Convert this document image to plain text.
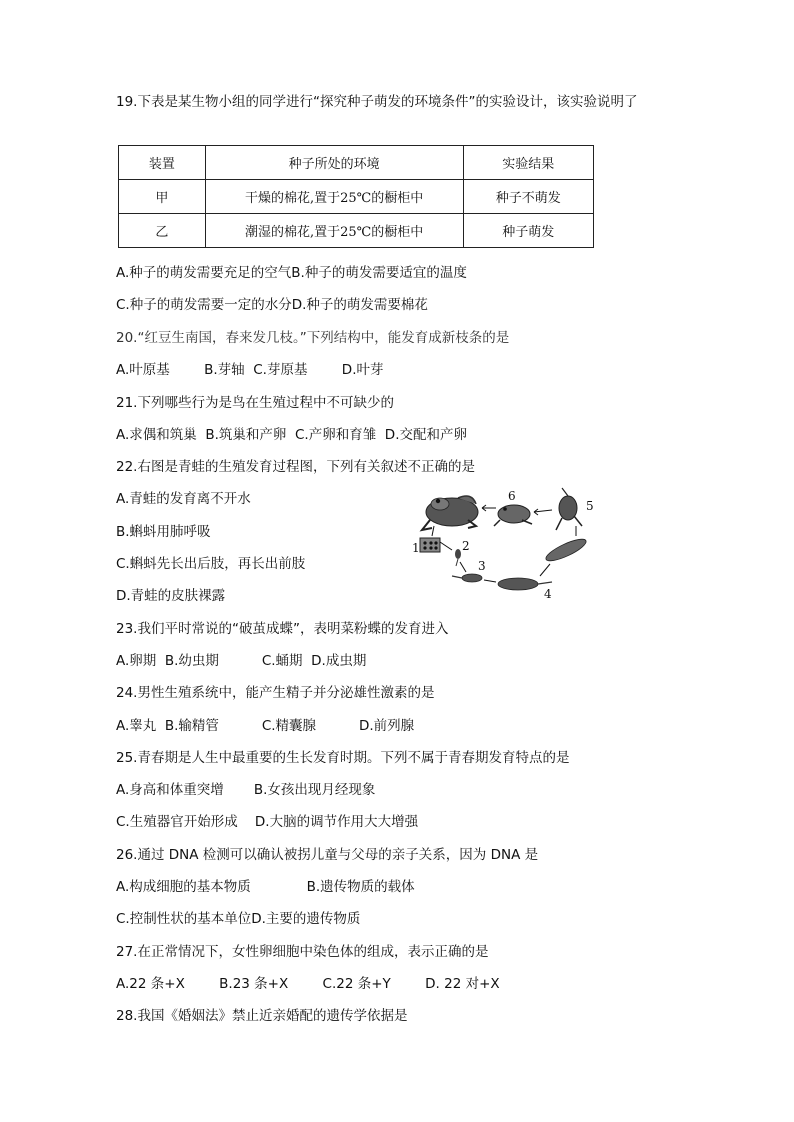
19.下表是某生物小组的同学进行“探究种子萌发的环境条件”的实验设计，该实验说明了
装置	种子所处的环境	实验结果
甲	干燥的棉花,置于25℃的橱柜中	种子不萌发
乙	潮湿的棉花,置于25℃的橱柜中	种子萌发
A.种子的萌发需要充足的空气B.种子的萌发需要适宜的温度
C.种子的萌发需要一定的水分D.种子的萌发需要棉花
20.“红豆生南国，春来发几枝。”下列结构中，能发育成新枝条的是
A.叶原基        B.芽轴  C.芽原基        D.叶芽
21.下列哪些行为是鸟在生殖过程中不可缺少的
A.求偶和筑巢  B.筑巢和产卵  C.产卵和育雏  D.交配和产卵
22.右图是青蛙的生殖发育过程图，下列有关叙述不正确的是
A.青蛙的发育离不开水
B.蝌蚪用肺呼吸
C.蝌蚪先长出后肢，再长出前肢
D.青蛙的皮肤裸露
6
5
1	2
3
4
23.我们平时常说的“破茧成蝶”，表明菜粉蝶的发育进入
A.卵期  B.幼虫期          C.蛹期  D.成虫期
24.男性生殖系统中，能产生精子并分泌雄性激素的是
A.睾丸  B.输精管          C.精囊腺          D.前列腺
25.青春期是人生中最重要的生长发育时期。下列不属于青春期发育特点的是
A.身高和体重突增       B.女孩出现月经现象
C.生殖器官开始形成    D.大脑的调节作用大大增强
26.通过 DNA 检测可以确认被拐儿童与父母的亲子关系，因为 DNA 是
A.构成细胞的基本物质             B.遗传物质的载体
C.控制性状的基本单位D.主要的遗传物质
27.在正常情况下，女性卵细胞中染色体的组成，表示正确的是
A.22 条+X        B.23 条+X        C.22 条+Y        D. 22 对+X
28.我国《婚姻法》禁止近亲婚配的遗传学依据是
